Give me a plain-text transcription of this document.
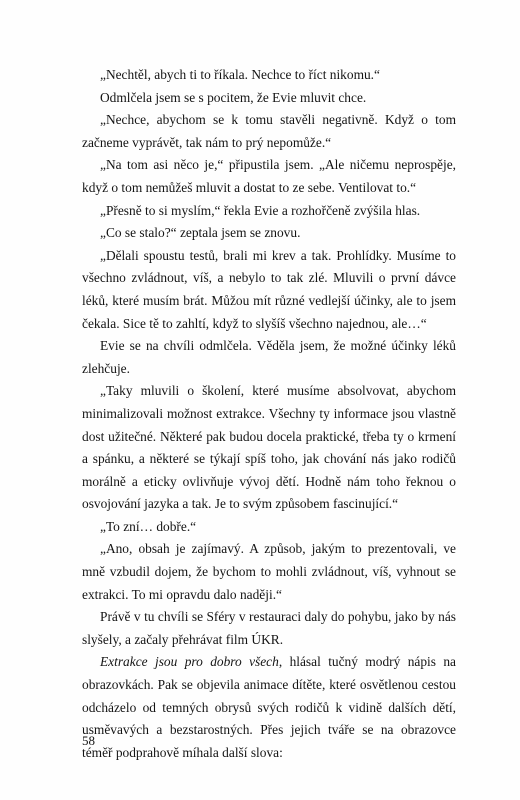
„Nechtěl, abych ti to říkala. Nechce to říct nikomu.“

Odmlčela jsem se s pocitem, že Evie mluvit chce.

„Nechce, abychom se k tomu stavěli negativně. Když o tom začneme vyprávět, tak nám to prý nepomůže.“

„Na tom asi něco je,“ připustila jsem. „Ale ničemu neprospěje, když o tom nemůžeš mluvit a dostat to ze sebe. Ventilovat to.“

„Přesně to si myslím,“ řekla Evie a rozhořčeně zvýšila hlas.

„Co se stalo?“ zeptala jsem se znovu.

„Dělali spoustu testů, brali mi krev a tak. Prohlídky. Musíme to všechno zvládnout, víš, a nebylo to tak zlé. Mluvili o první dávce léků, které musím brát. Můžou mít různé vedlejší účinky, ale to jsem čekala. Sice tě to zahltí, když to slyšíš všechno najednou, ale…“

Evie se na chvíli odmlčela. Věděla jsem, že možné účinky léků zlehčuje.

„Taky mluvili o školení, které musíme absolvovat, abychom minimalizovali možnost extrakce. Všechny ty informace jsou vlastně dost užitečné. Některé pak budou docela praktické, třeba ty o krmení a spánku, a některé se týkají spíš toho, jak chování nás jako rodičů morálně a eticky ovlivňuje vývoj dětí. Hodně nám toho řeknou o osvojování jazyka a tak. Je to svým způsobem fascinující.“

„To zní… dobře.“

„Ano, obsah je zajímavý. A způsob, jakým to prezentovali, ve mně vzbudil dojem, že bychom to mohli zvládnout, víš, vyhnout se extrakci. To mi opravdu dalo naději.“

Právě v tu chvíli se Sféry v restauraci daly do pohybu, jako by nás slyšely, a začaly přehrávat film ÚKR.

Extrakce jsou pro dobro všech, hlásal tučný modrý nápis na obrazovkách. Pak se objevila animace dítěte, které osvětlenou cestou odcházelo od temných obrysů svých rodičů k vidině dalších dětí, usměvavých a bezstarostných. Přes jejich tváře se na obrazovce téměř podprahově míhala další slova:

58
